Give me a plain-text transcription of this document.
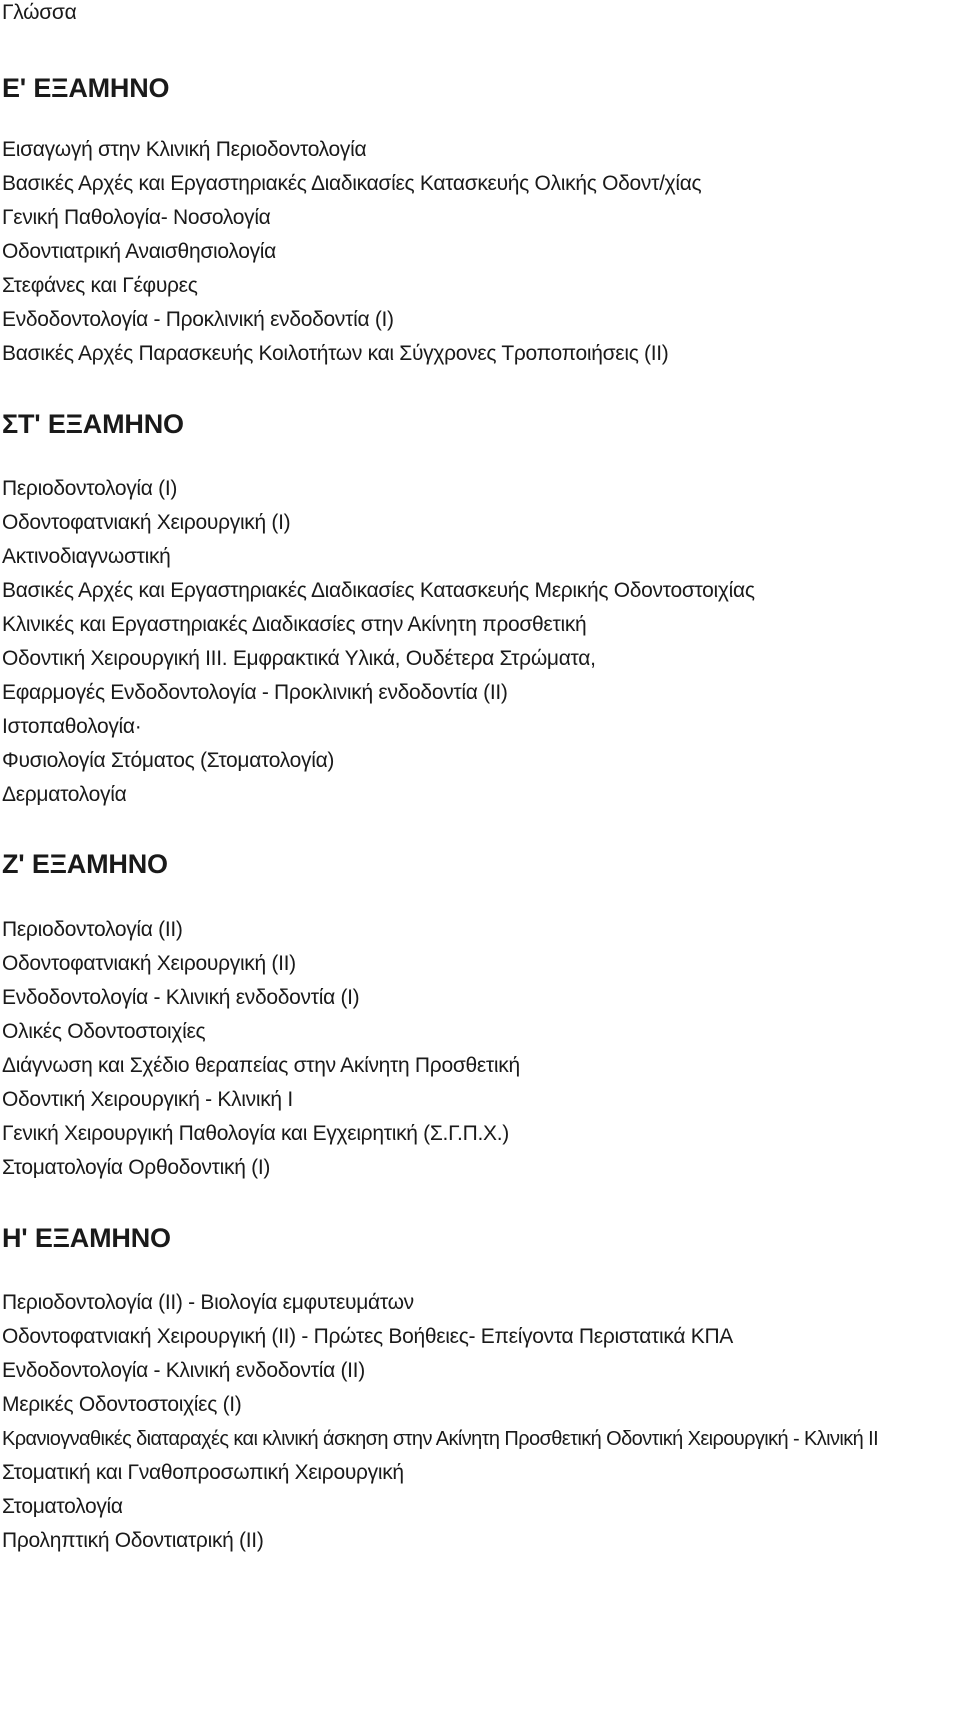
Γλώσσα

Ε' ΕΞΑΜΗΝΟ

Εισαγωγή στην Κλινική Περιοδοντολογία

Βασικές Αρχές και Εργαστηριακές Διαδικασίες Κατασκευής Ολικής Οδοντ/χίας

Γενική Παθολογία- Νοσολογία

Οδοντιατρική Αναισθησιολογία

Στεφάνες και Γέφυρες

Ενδοδοντολογία - Προκλινική ενδοδοντία (Ι)

Βασικές Αρχές Παρασκευής Κοιλοτήτων και Σύγχρονες Τροποποιήσεις (ΙΙ)

ΣΤ' ΕΞΑΜΗΝΟ

Περιοδοντολογία (Ι)

Οδοντοφατνιακή Χειρουργική (Ι)

Ακτινοδιαγνωστική

Βασικές Αρχές και Εργαστηριακές Διαδικασίες Κατασκευής Μερικής Οδοντοστοιχίας

Κλινικές και Εργαστηριακές Διαδικασίες στην Ακίνητη προσθετική

Οδοντική Χειρουργική ΙΙΙ. Εμφρακτικά Υλικά, Ουδέτερα Στρώματα,

Εφαρμογές Ενδοδοντολογία - Προκλινική ενδοδοντία (ΙΙ)

Ιστοπαθολογία·

Φυσιολογία Στόματος (Στοματολογία)

Δερματολογία

Ζ' ΕΞΑΜΗΝΟ

Περιοδοντολογία (ΙΙ)

Οδοντοφατνιακή Χειρουργική (ΙΙ)

Ενδοδοντολογία - Κλινική ενδοδοντία (Ι)

Ολικές Οδοντοστοιχίες

Διάγνωση και Σχέδιο θεραπείας στην Ακίνητη Προσθετική

Οδοντική Χειρουργική - Κλινική Ι

Γενική Χειρουργική Παθολογία και Εγχειρητική (Σ.Γ.Π.Χ.)

Στοματολογία Ορθοδοντική (Ι)

Η' ΕΞΑΜΗΝΟ

Περιοδοντολογία (ΙΙ) - Βιολογία εμφυτευμάτων

Οδοντοφατνιακή Χειρουργική (ΙΙ) - Πρώτες Βοήθειες- Επείγοντα Περιστατικά ΚΠΑ

Ενδοδοντολογία - Κλινική ενδοδοντία (ΙΙ)

Μερικές Οδοντοστοιχίες (Ι)

Κρανιογναθικές διαταραχές και κλινική άσκηση στην Ακίνητη Προσθετική Οδοντική Χειρουργική - Κλινική ΙΙ

Στοματική και Γναθοπροσωπική Χειρουργική

Στοματολογία

Προληπτική Οδοντιατρική (ΙΙ)
